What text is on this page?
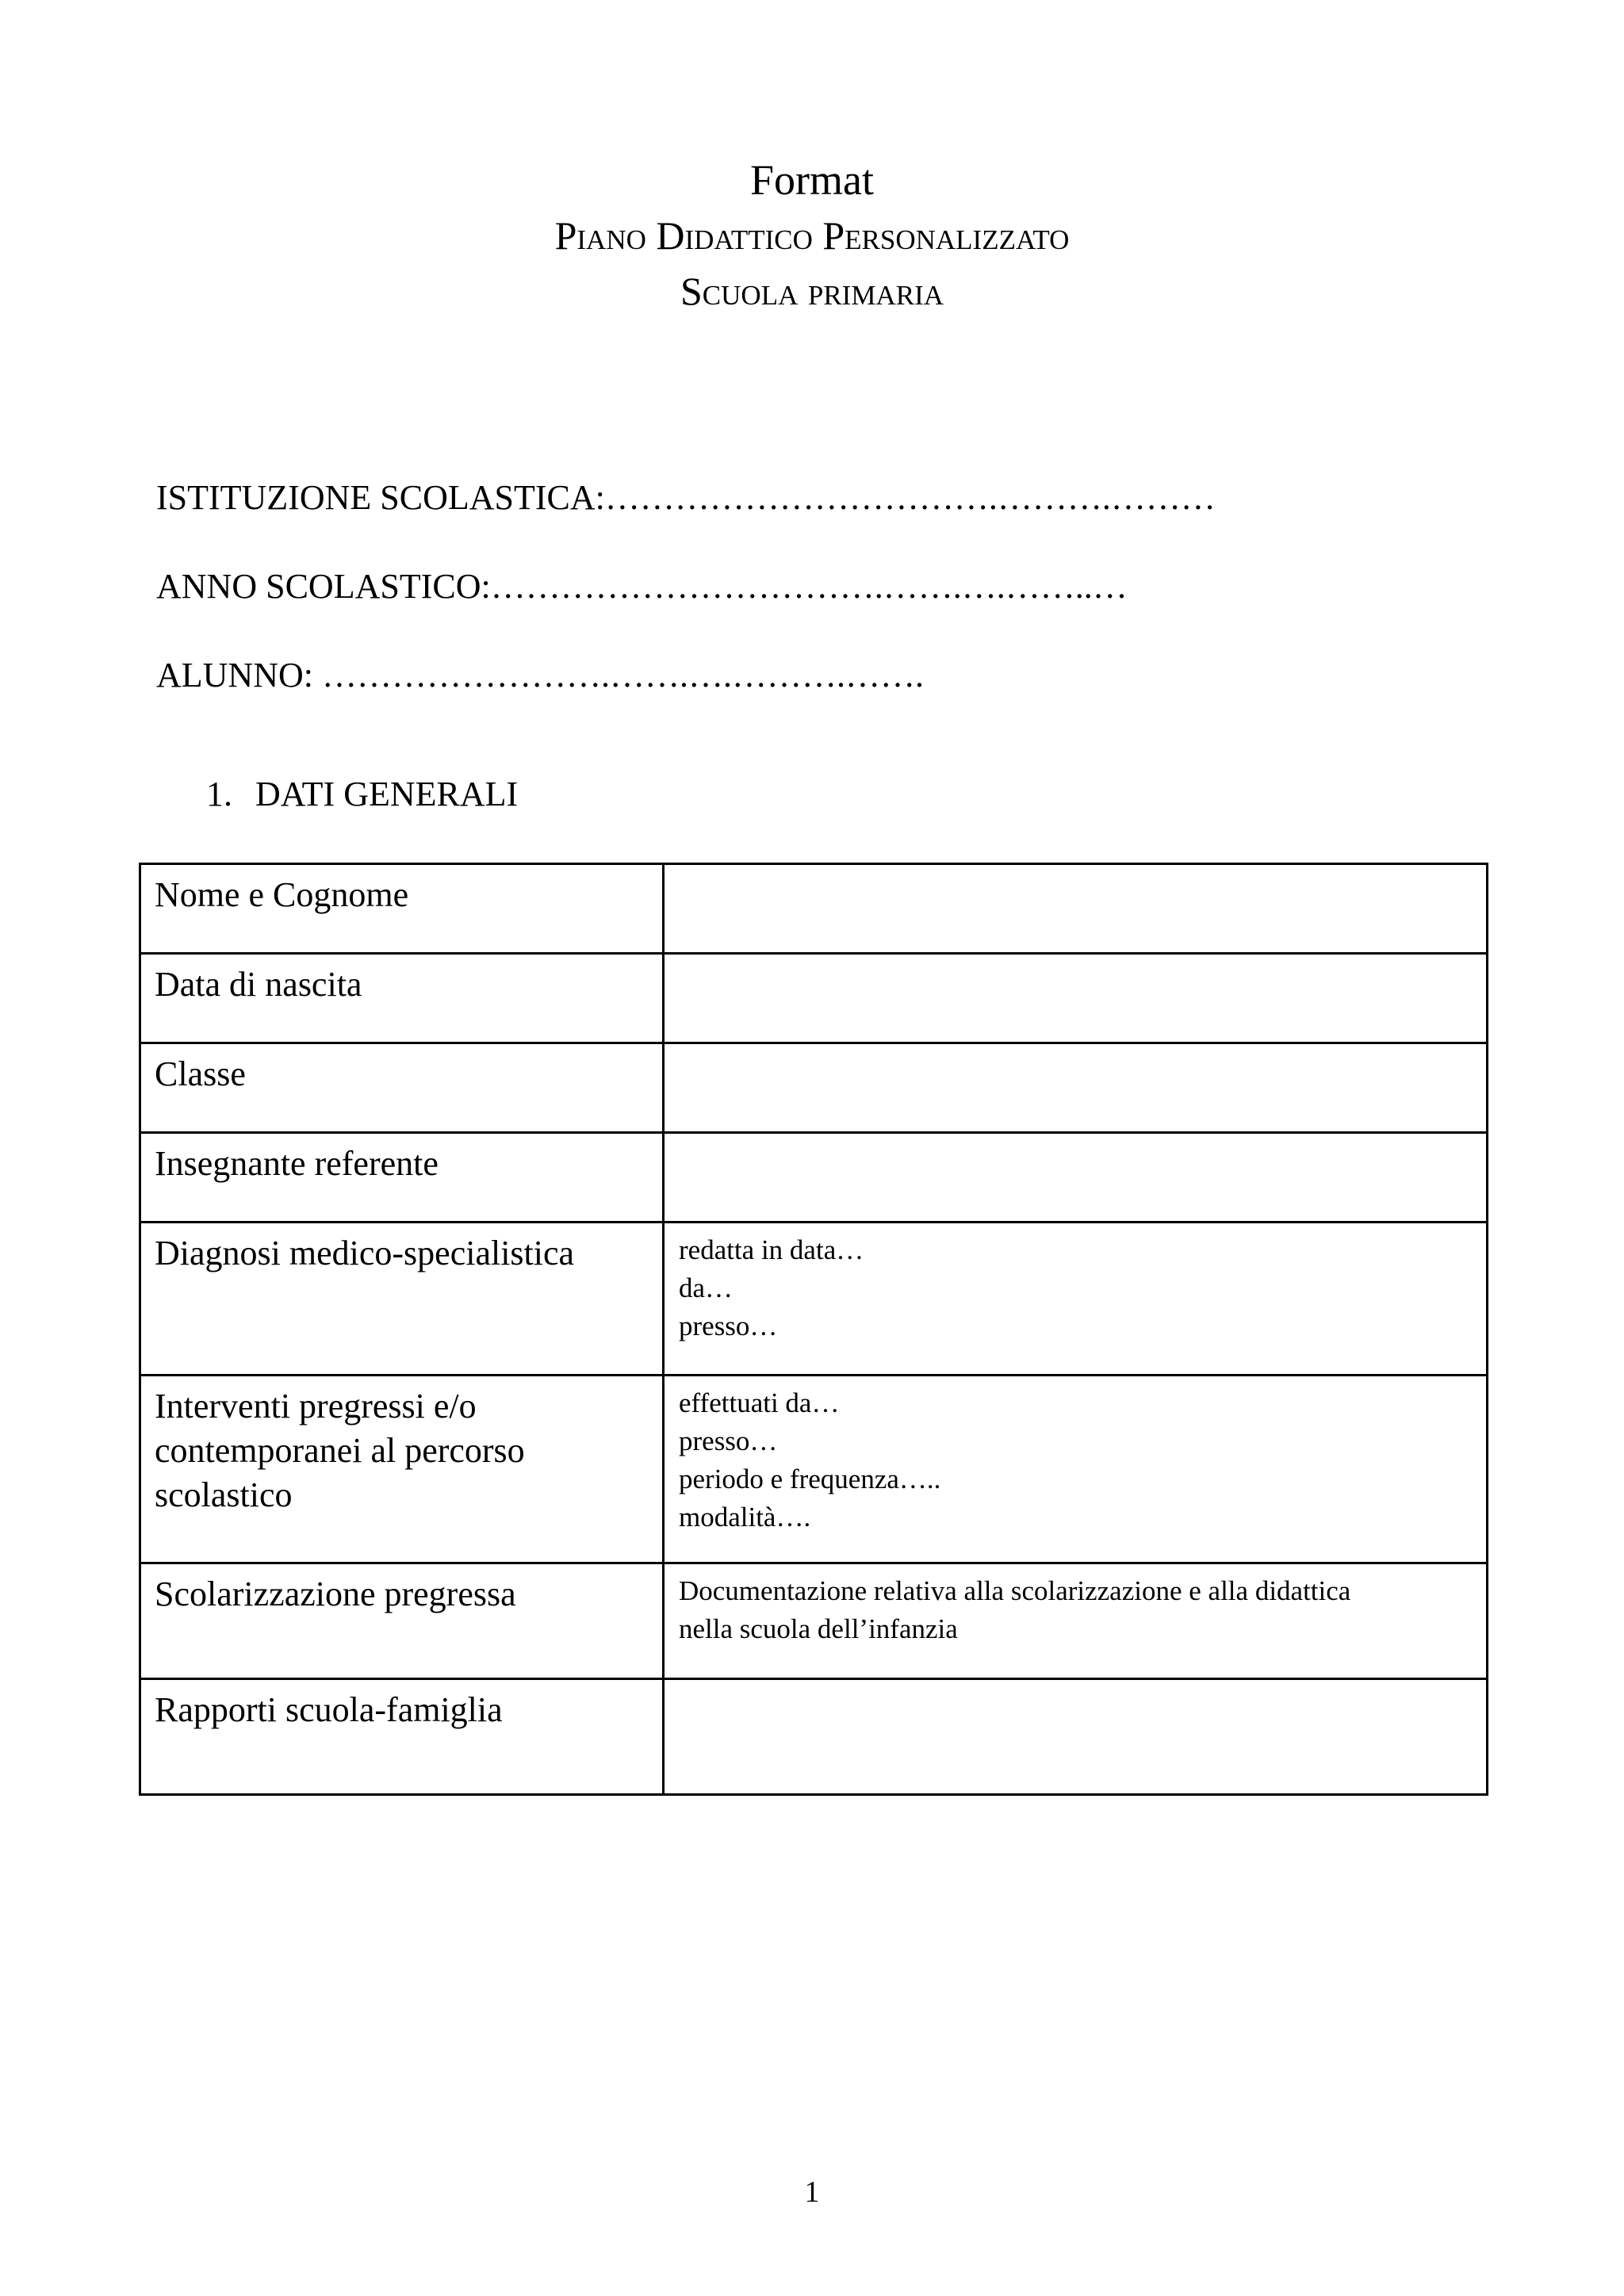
Format
Piano Didattico Personalizzato
Scuola primaria
ISTITUZIONE SCOLASTICA:…………………………….……….………
ANNO SCOLASTICO:…………………………….…….….……..…
ALUNNO: …………………….…….….……….…….
1. DATI GENERALI
Nome e Cognome	

Data di nascita	

Classe	

Insegnante referente	

Diagnosi medico-specialistica	redatta in data…
da…
presso…

Interventi pregressi e/o
contemporanei al percorso
scolastico	effettuati da…
presso…
periodo e frequenza…..
modalità….

Scolarizzazione pregressa	Documentazione relativa alla scolarizzazione e alla didattica
nella scuola dell’infanzia

Rapporti scuola-famiglia	

1
